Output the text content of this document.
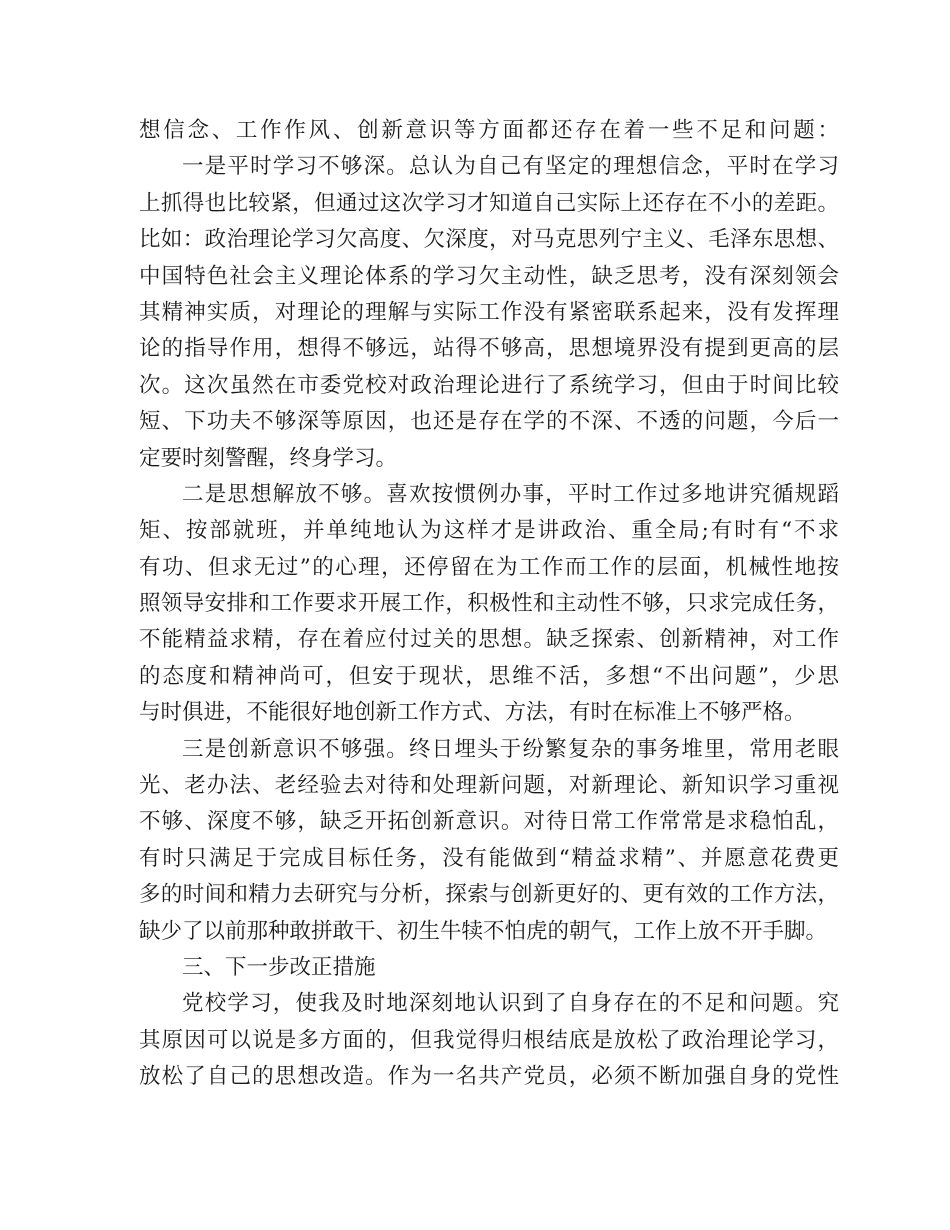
想信念、工作作风、创新意识等方面都还存在着一些不足和问题：
一是平时学习不够深。总认为自己有坚定的理想信念，平时在学习
上抓得也比较紧，但通过这次学习才知道自己实际上还存在不小的差距。
比如：政治理论学习欠高度、欠深度，对马克思列宁主义、毛泽东思想、
中国特色社会主义理论体系的学习欠主动性，缺乏思考，没有深刻领会
其精神实质，对理论的理解与实际工作没有紧密联系起来，没有发挥理
论的指导作用，想得不够远，站得不够高，思想境界没有提到更高的层
次。这次虽然在市委党校对政治理论进行了系统学习，但由于时间比较
短、下功夫不够深等原因，也还是存在学的不深、不透的问题，今后一
定要时刻警醒，终身学习。
二是思想解放不够。喜欢按惯例办事，平时工作过多地讲究循规蹈
矩、按部就班，并单纯地认为这样才是讲政治、重全局;有时有“不求
有功、但求无过”的心理，还停留在为工作而工作的层面，机械性地按
照领导安排和工作要求开展工作，积极性和主动性不够，只求完成任务，
不能精益求精，存在着应付过关的思想。缺乏探索、创新精神，对工作
的态度和精神尚可，但安于现状，思维不活，多想“不出问题”，少思
与时俱进，不能很好地创新工作方式、方法，有时在标准上不够严格。
三是创新意识不够强。终日埋头于纷繁复杂的事务堆里，常用老眼
光、老办法、老经验去对待和处理新问题，对新理论、新知识学习重视
不够、深度不够，缺乏开拓创新意识。对待日常工作常常是求稳怕乱，
有时只满足于完成目标任务，没有能做到“精益求精”、并愿意花费更
多的时间和精力去研究与分析，探索与创新更好的、更有效的工作方法，
缺少了以前那种敢拼敢干、初生牛犊不怕虎的朝气，工作上放不开手脚。
三、下一步改正措施
党校学习，使我及时地深刻地认识到了自身存在的不足和问题。究
其原因可以说是多方面的，但我觉得归根结底是放松了政治理论学习，
放松了自己的思想改造。作为一名共产党员，必须不断加强自身的党性
